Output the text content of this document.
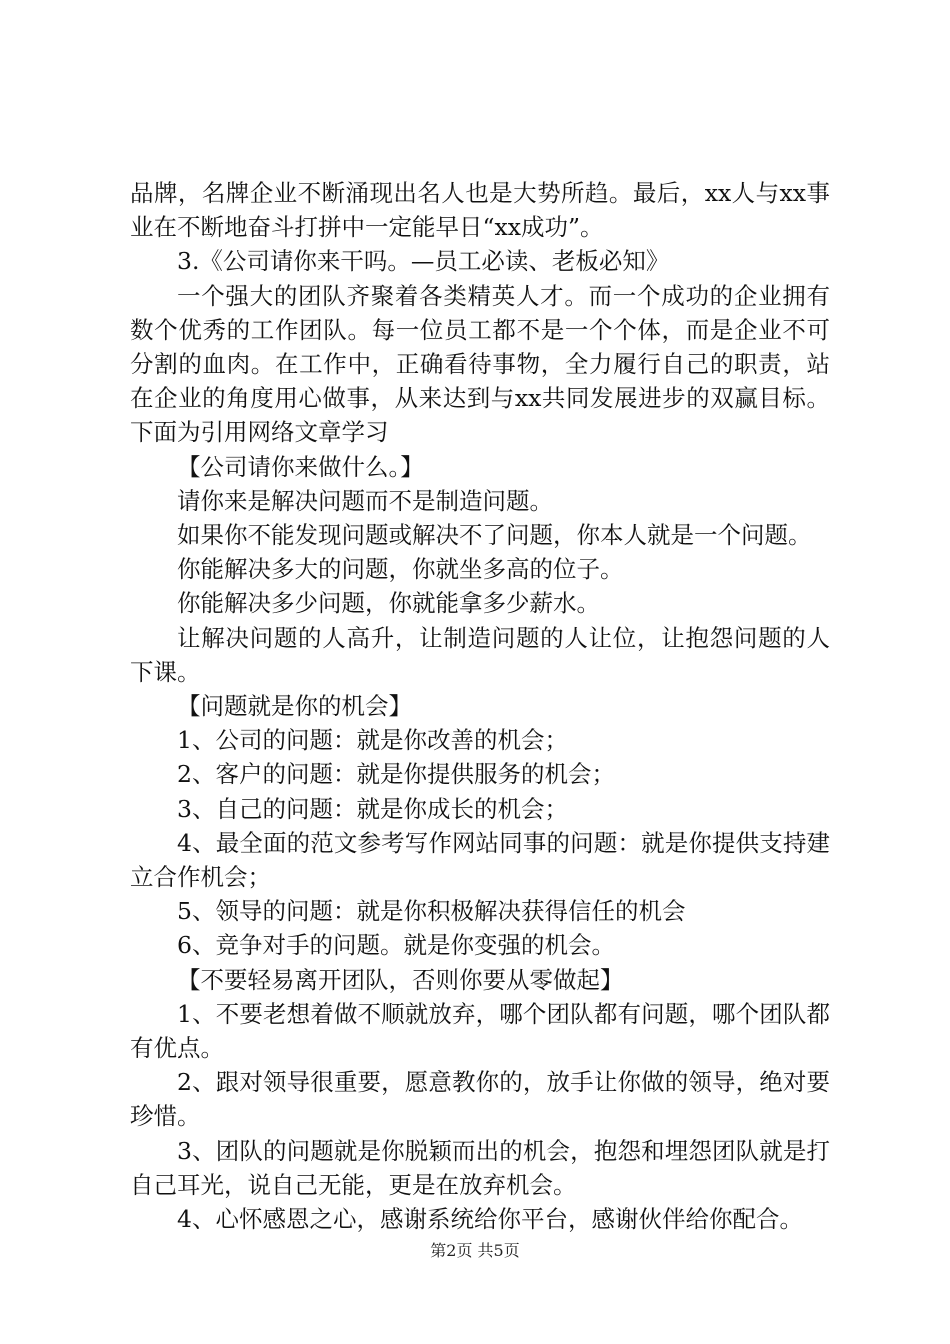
品牌，名牌企业不断涌现出名人也是大势所趋。最后，xx人与xx事业在不断地奋斗打拼中一定能早日“xx成功”。

3.《公司请你来干吗。—员工必读、老板必知》

一个强大的团队齐聚着各类精英人才。而一个成功的企业拥有数个优秀的工作团队。每一位员工都不是一个个体，而是企业不可分割的血肉。在工作中，正确看待事物，全力履行自己的职责，站在企业的角度用心做事，从来达到与xx共同发展进步的双赢目标。下面为引用网络文章学习

【公司请你来做什么。】

请你来是解决问题而不是制造问题。

如果你不能发现问题或解决不了问题，你本人就是一个问题。

你能解决多大的问题，你就坐多高的位子。

你能解决多少问题，你就能拿多少薪水。

让解决问题的人高升，让制造问题的人让位，让抱怨问题的人下课。

【问题就是你的机会】

1、公司的问题：就是你改善的机会；

2、客户的问题：就是你提供服务的机会；

3、自己的问题：就是你成长的机会；

4、最全面的范文参考写作网站同事的问题：就是你提供支持建立合作机会；

5、领导的问题：就是你积极解决获得信任的机会

6、竞争对手的问题。就是你变强的机会。

【不要轻易离开团队，否则你要从零做起】

1、不要老想着做不顺就放弃，哪个团队都有问题，哪个团队都有优点。

2、跟对领导很重要，愿意教你的，放手让你做的领导，绝对要珍惜。

3、团队的问题就是你脱颖而出的机会，抱怨和埋怨团队就是打自己耳光，说自己无能，更是在放弃机会。

4、心怀感恩之心，感谢系统给你平台，感谢伙伴给你配合。

第2页 共5页
